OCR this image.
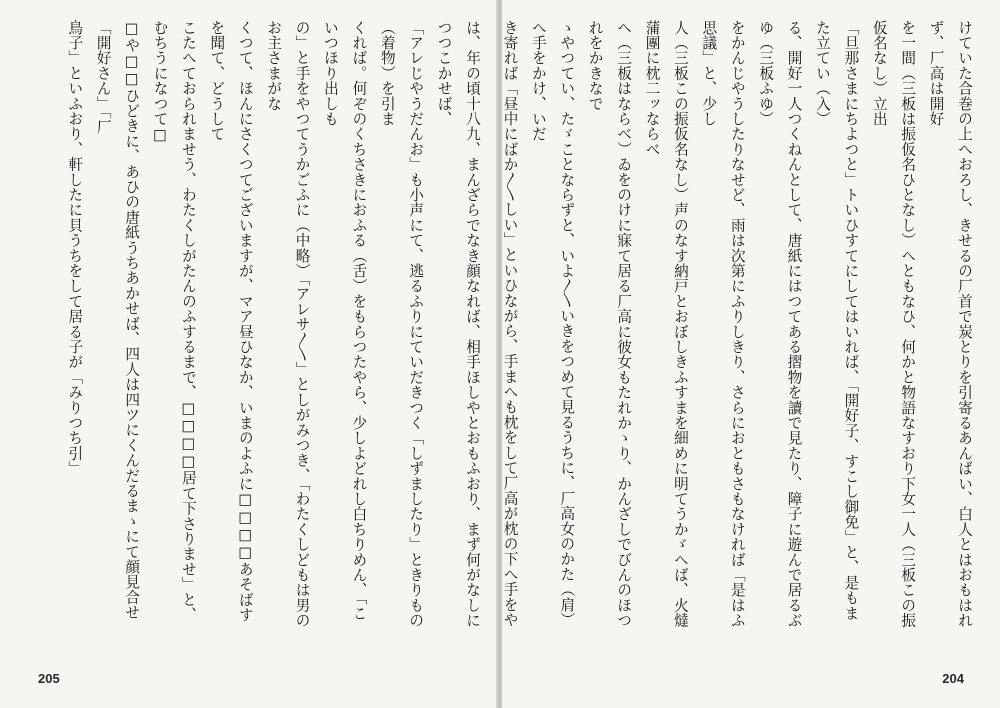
は、年の頃十八九、まんざらでなき顔なれば、相手ほしやとおもふおり、まず何がなしにつつこかせば、

「アレじやうだんお」も小声にて、逃るふりにていだきつく「しずましたり」ときりもの（着物）を引ま

くれば。何ぞのくちさきにおふる（舌）をもらつたやら、少しよどれし白ちりめん、「こいつほり出しも

の」と手をやつてうかごふに（中略）「アレサ〳〵」としがみつき、「わたくしどもは男のお主さまがな

くつて、ほんにさくつてございますが、マア昼ひなか、いまのよふに□□□□あそばすを聞て、どうして

こたへておられませう、わたくしがたんのふするまで、□□□□居て下さりませ」と、むちうになつて□

□や□□ひどきに、あひの唐紙うちあかせば、四人は四ツにくんだるまゝにて顔見合せ「開好さん」「厂

鳥子」といふおり、軒したに貝うちをして居る子が「みりつち引」

205

けていた合巻の上へおろし、きせるの厂首で炭とりを引寄るあんばい、白人とはおもはれず、厂高は開好

を一間（三板は振仮名ひとなし）へともなひ、何かと物語なすおり下女一人（三板この振仮名なし）立出

「旦那さまにちよつと」トいひすてにしてはいれば、「開好子、すこし御免」と、是もまた立てい（入）

る、開好一人つくねんとして、唐紙にはつてある摺物を讀で見たり、障子に遊んで居るぶゆ（三板ふゆ）

をかんじやうしたりなせど、雨は次第にふりしきり、さらにおともさもなければ「是はふ思議」と、少し

人（三板この振仮名なし）声のなす納戸とおぼしきふすまを細めに明てうかゞへば、火燵蒲團に枕二ッならべ

へ（三板はならべ）ゐをのけに寐て居る厂高に彼女もたれかゝり、かんざしでびんのほつれをかきなで

ゝやつてい、たゞことならずと、いよ〳〵いきをつめて見るうちに、厂高女のかた（肩）へ手をかけ、いだ

き寄れば「昼中にばか〳〵しい」といひながら、手まへも枕をして厂高が枕の下へ手をや

204
